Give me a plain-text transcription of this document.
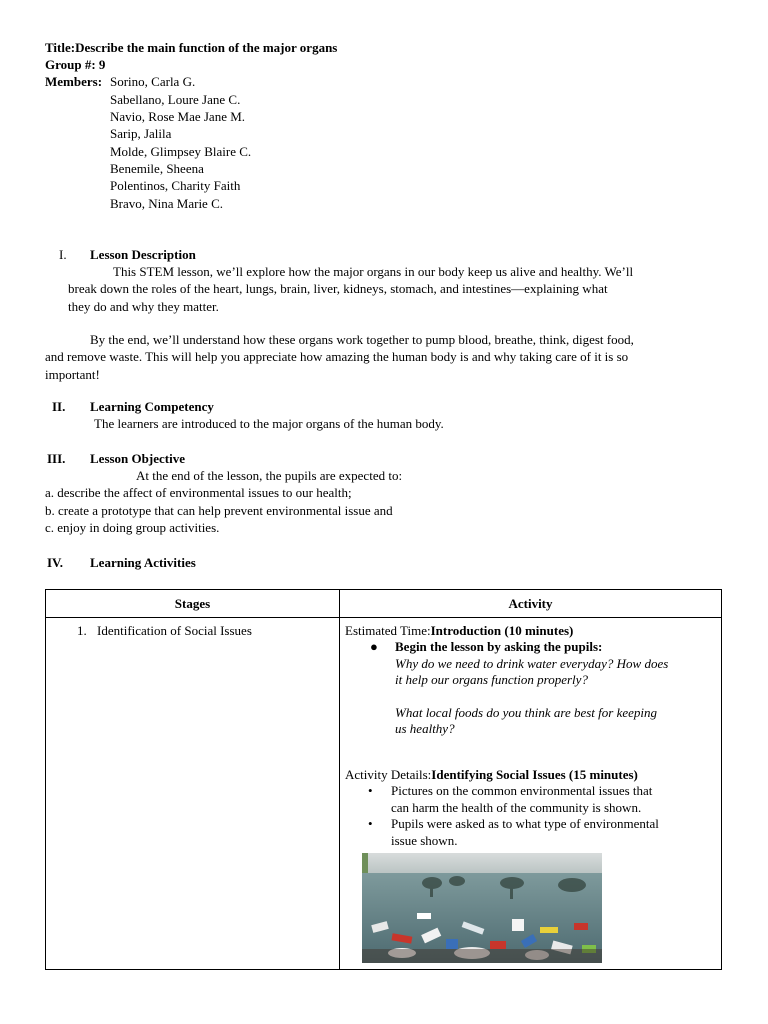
Title:Describe the main function of the major organs
Group #: 9
Members: Sorino, Carla G.
Sabellano, Loure Jane C.
Navio, Rose Mae Jane M.
Sarip, Jalila
Molde, Glimpsey Blaire C.
Benemile, Sheena
Polentinos, Charity Faith
Bravo, Nina Marie C.
I. Lesson Description
This STEM lesson, we’ll explore how the major organs in our body keep us alive and healthy. We’ll
break down the roles of the heart, lungs, brain, liver, kidneys, stomach, and intestines—explaining what
they do and why they matter.
By the end, we’ll understand how these organs work together to pump blood, breathe, think, digest food,
and remove waste. This will help you appreciate how amazing the human body is and why taking care of it is so
important!
II. Learning Competency
The learners are introduced to the major organs of the human body.
III. Lesson Objective
At the end of the lesson, the pupils are expected to:
a. describe the affect of environmental issues to our health;
b. create a prototype that can help prevent environmental issue and
c. enjoy in doing group activities.
IV. Learning Activities
Stages	Activity

1. Identification of Social Issues	Estimated Time:Introduction (10 minutes)
● Begin the lesson by asking the pupils:
Why do we need to drink water everyday? How does
it help our organs function properly?
What local foods do you think are best for keeping
us healthy?
Activity Details:Identifying Social Issues (15 minutes)
• Pictures on the common environmental issues that
can harm the health of the community is shown.
• Pupils were asked as to what type of environmental
issue shown.
